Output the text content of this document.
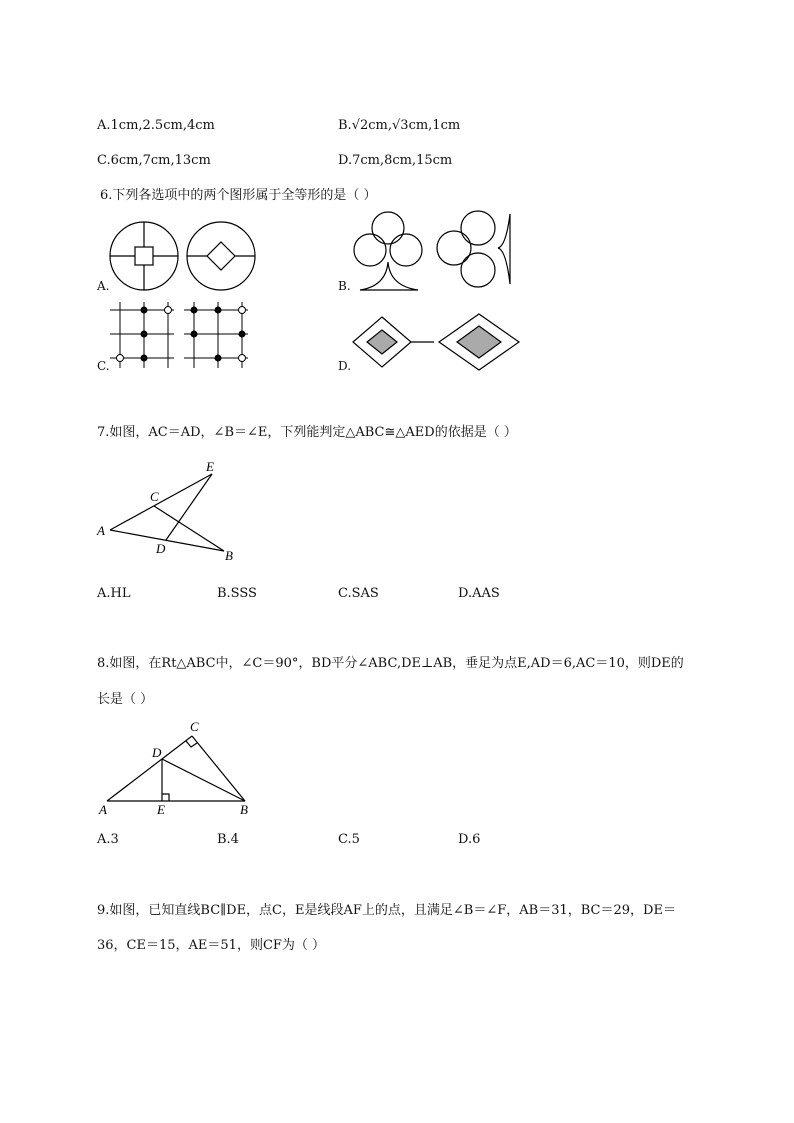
A.1cm,2.5cm,4cm	B.√2cm,√3cm,1cm
C.6cm,7cm,13cm	D.7cm,8cm,15cm
6.下列各选项中的两个图形属于全等形的是（ ）
A.	B.
C.	D.
7.如图，AC＝AD，∠B＝∠E，下列能判定△ABC≅△AED的依据是（ ）
E
C
A
D	B
A.HL	B.SSS	C.SAS	D.AAS
8.如图，在Rt△ABC中，∠C＝90°，BD平分∠ABC,DE⊥AB，垂足为点E,AD＝6,AC＝10，则DE的
长是（ ）
C
D
A	E	B
A.3	B.4	C.5	D.6
9.如图，已知直线BC∥DE，点C，E是线段AF上的点，且满足∠B＝∠F，AB＝31，BC＝29，DE＝
36，CE＝15，AE＝51，则CF为（ ）
